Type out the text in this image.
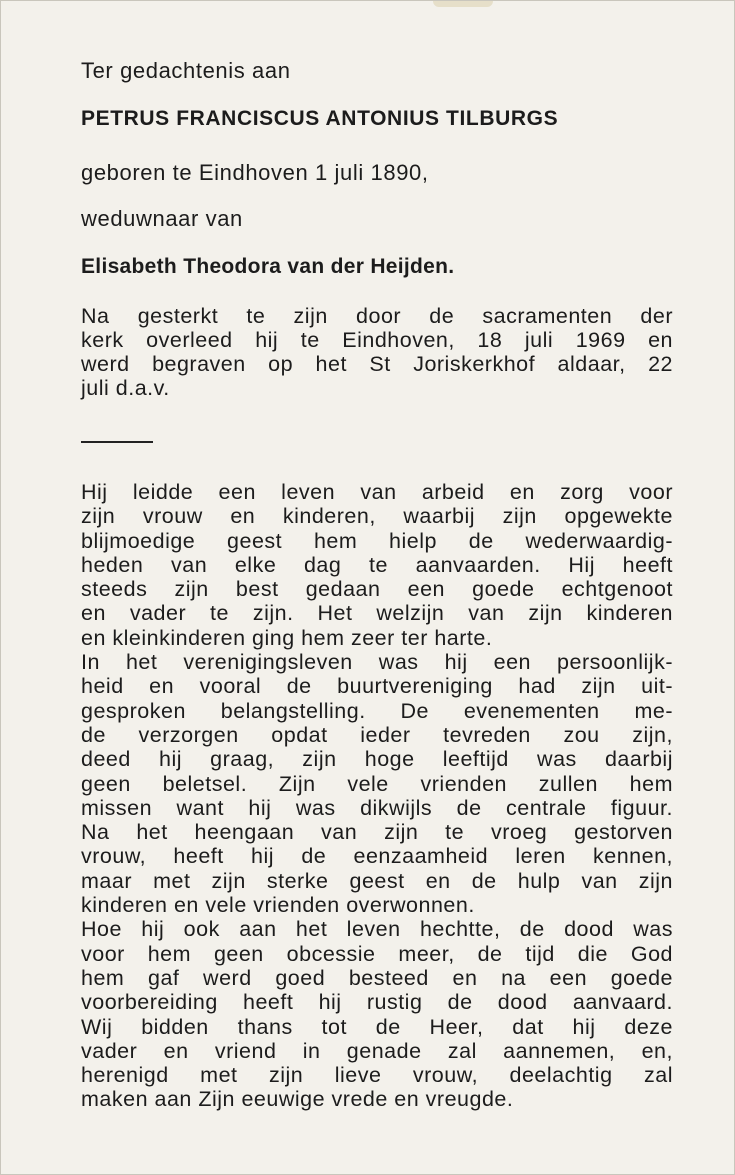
Ter gedachtenis aan
PETRUS FRANCISCUS ANTONIUS TILBURGS
geboren te Eindhoven 1 juli 1890,
weduwnaar van
Elisabeth Theodora van der Heijden.
Na gesterkt te zijn door de sacramenten der
kerk overleed hij te Eindhoven, 18 juli 1969 en
werd begraven op het St Joriskerkhof aldaar, 22
juli d.a.v.
Hij leidde een leven van arbeid en zorg voor
zijn vrouw en kinderen, waarbij zijn opgewekte
blijmoedige geest hem hielp de wederwaardig-
heden van elke dag te aanvaarden. Hij heeft
steeds zijn best gedaan een goede echtgenoot
en vader te zijn. Het welzijn van zijn kinderen
en kleinkinderen ging hem zeer ter harte.
In het verenigingsleven was hij een persoonlijk-
heid en vooral de buurtvereniging had zijn uit-
gesproken belangstelling. De evenementen me-
de verzorgen opdat ieder tevreden zou zijn,
deed hij graag, zijn hoge leeftijd was daarbij
geen beletsel. Zijn vele vrienden zullen hem
missen want hij was dikwijls de centrale figuur.
Na het heengaan van zijn te vroeg gestorven
vrouw, heeft hij de eenzaamheid leren kennen,
maar met zijn sterke geest en de hulp van zijn
kinderen en vele vrienden overwonnen.
Hoe hij ook aan het leven hechtte, de dood was
voor hem geen obcessie meer, de tijd die God
hem gaf werd goed besteed en na een goede
voorbereiding heeft hij rustig de dood aanvaard.
Wij bidden thans tot de Heer, dat hij deze
vader en vriend in genade zal aannemen, en,
herenigd met zijn lieve vrouw, deelachtig zal
maken aan Zijn eeuwige vrede en vreugde.
